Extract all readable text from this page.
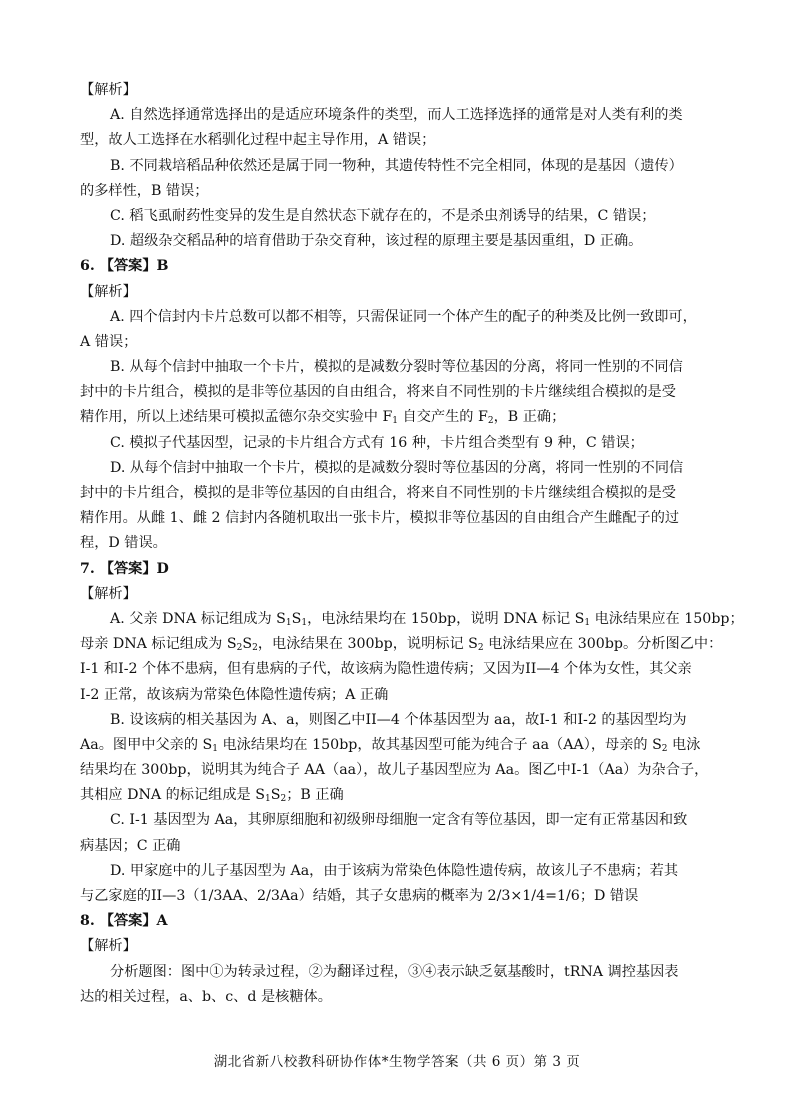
【解析】
A. 自然选择通常选择出的是适应环境条件的类型，而人工选择选择的通常是对人类有利的类
型，故人工选择在水稻驯化过程中起主导作用，A 错误；
B. 不同栽培稻品种依然还是属于同一物种，其遗传特性不完全相同，体现的是基因（遗传）
的多样性，B 错误；
C. 稻飞虱耐药性变异的发生是自然状态下就存在的，不是杀虫剂诱导的结果，C 错误；
D. 超级杂交稻品种的培育借助于杂交育种，该过程的原理主要是基因重组，D 正确。
6. 【答案】B
【解析】
A. 四个信封内卡片总数可以都不相等，只需保证同一个体产生的配子的种类及比例一致即可，
A 错误；
B. 从每个信封中抽取一个卡片，模拟的是减数分裂时等位基因的分离，将同一性别的不同信
封中的卡片组合，模拟的是非等位基因的自由组合，将来自不同性别的卡片继续组合模拟的是受
精作用，所以上述结果可模拟孟德尔杂交实验中 $F_1$ 自交产生的 $F_2$，B 正确；
C. 模拟子代基因型，记录的卡片组合方式有 16 种，卡片组合类型有 9 种，C 错误；
D. 从每个信封中抽取一个卡片，模拟的是减数分裂时等位基因的分离，将同一性别的不同信
封中的卡片组合，模拟的是非等位基因的自由组合，将来自不同性别的卡片继续组合模拟的是受
精作用。从雌 1、雌 2 信封内各随机取出一张卡片，模拟非等位基因的自由组合产生雌配子的过
程，D 错误。
7. 【答案】D
【解析】
A. 父亲 DNA 标记组成为 $S_1S_1$，电泳结果均在 150bp，说明 DNA 标记 $S_1$ 电泳结果应在 150bp；
母亲 DNA 标记组成为 $S_2S_2$，电泳结果在 300bp，说明标记 $S_2$ 电泳结果应在 300bp。分析图乙中：
I-1 和I-2 个体不患病，但有患病的子代，故该病为隐性遗传病；又因为II—4 个体为女性，其父亲
I-2 正常，故该病为常染色体隐性遗传病；A 正确
B. 设该病的相关基因为 A、a，则图乙中II—4 个体基因型为 aa，故I-1 和I-2 的基因型均为
Aa。图甲中父亲的 $S_1$ 电泳结果均在 150bp，故其基因型可能为纯合子 aa（AA），母亲的 $S_2$ 电泳
结果均在 300bp，说明其为纯合子 AA（aa），故儿子基因型应为 Aa。图乙中I-1（Aa）为杂合子，
其相应 DNA 的标记组成是 $S_1S_2$；B 正确
C. I-1 基因型为 Aa，其卵原细胞和初级卵母细胞一定含有等位基因，即一定有正常基因和致
病基因；C 正确
D. 甲家庭中的儿子基因型为 Aa，由于该病为常染色体隐性遗传病，故该儿子不患病；若其
与乙家庭的II—3（1/3AA、2/3Aa）结婚，其子女患病的概率为 2/3×1/4=1/6；D 错误
8. 【答案】A
【解析】
分析题图：图中①为转录过程，②为翻译过程，③④表示缺乏氨基酸时，tRNA 调控基因表
达的相关过程，a、b、c、d 是核糖体。
湖北省新八校教科研协作体*生物学答案（共 6 页）第 3 页
